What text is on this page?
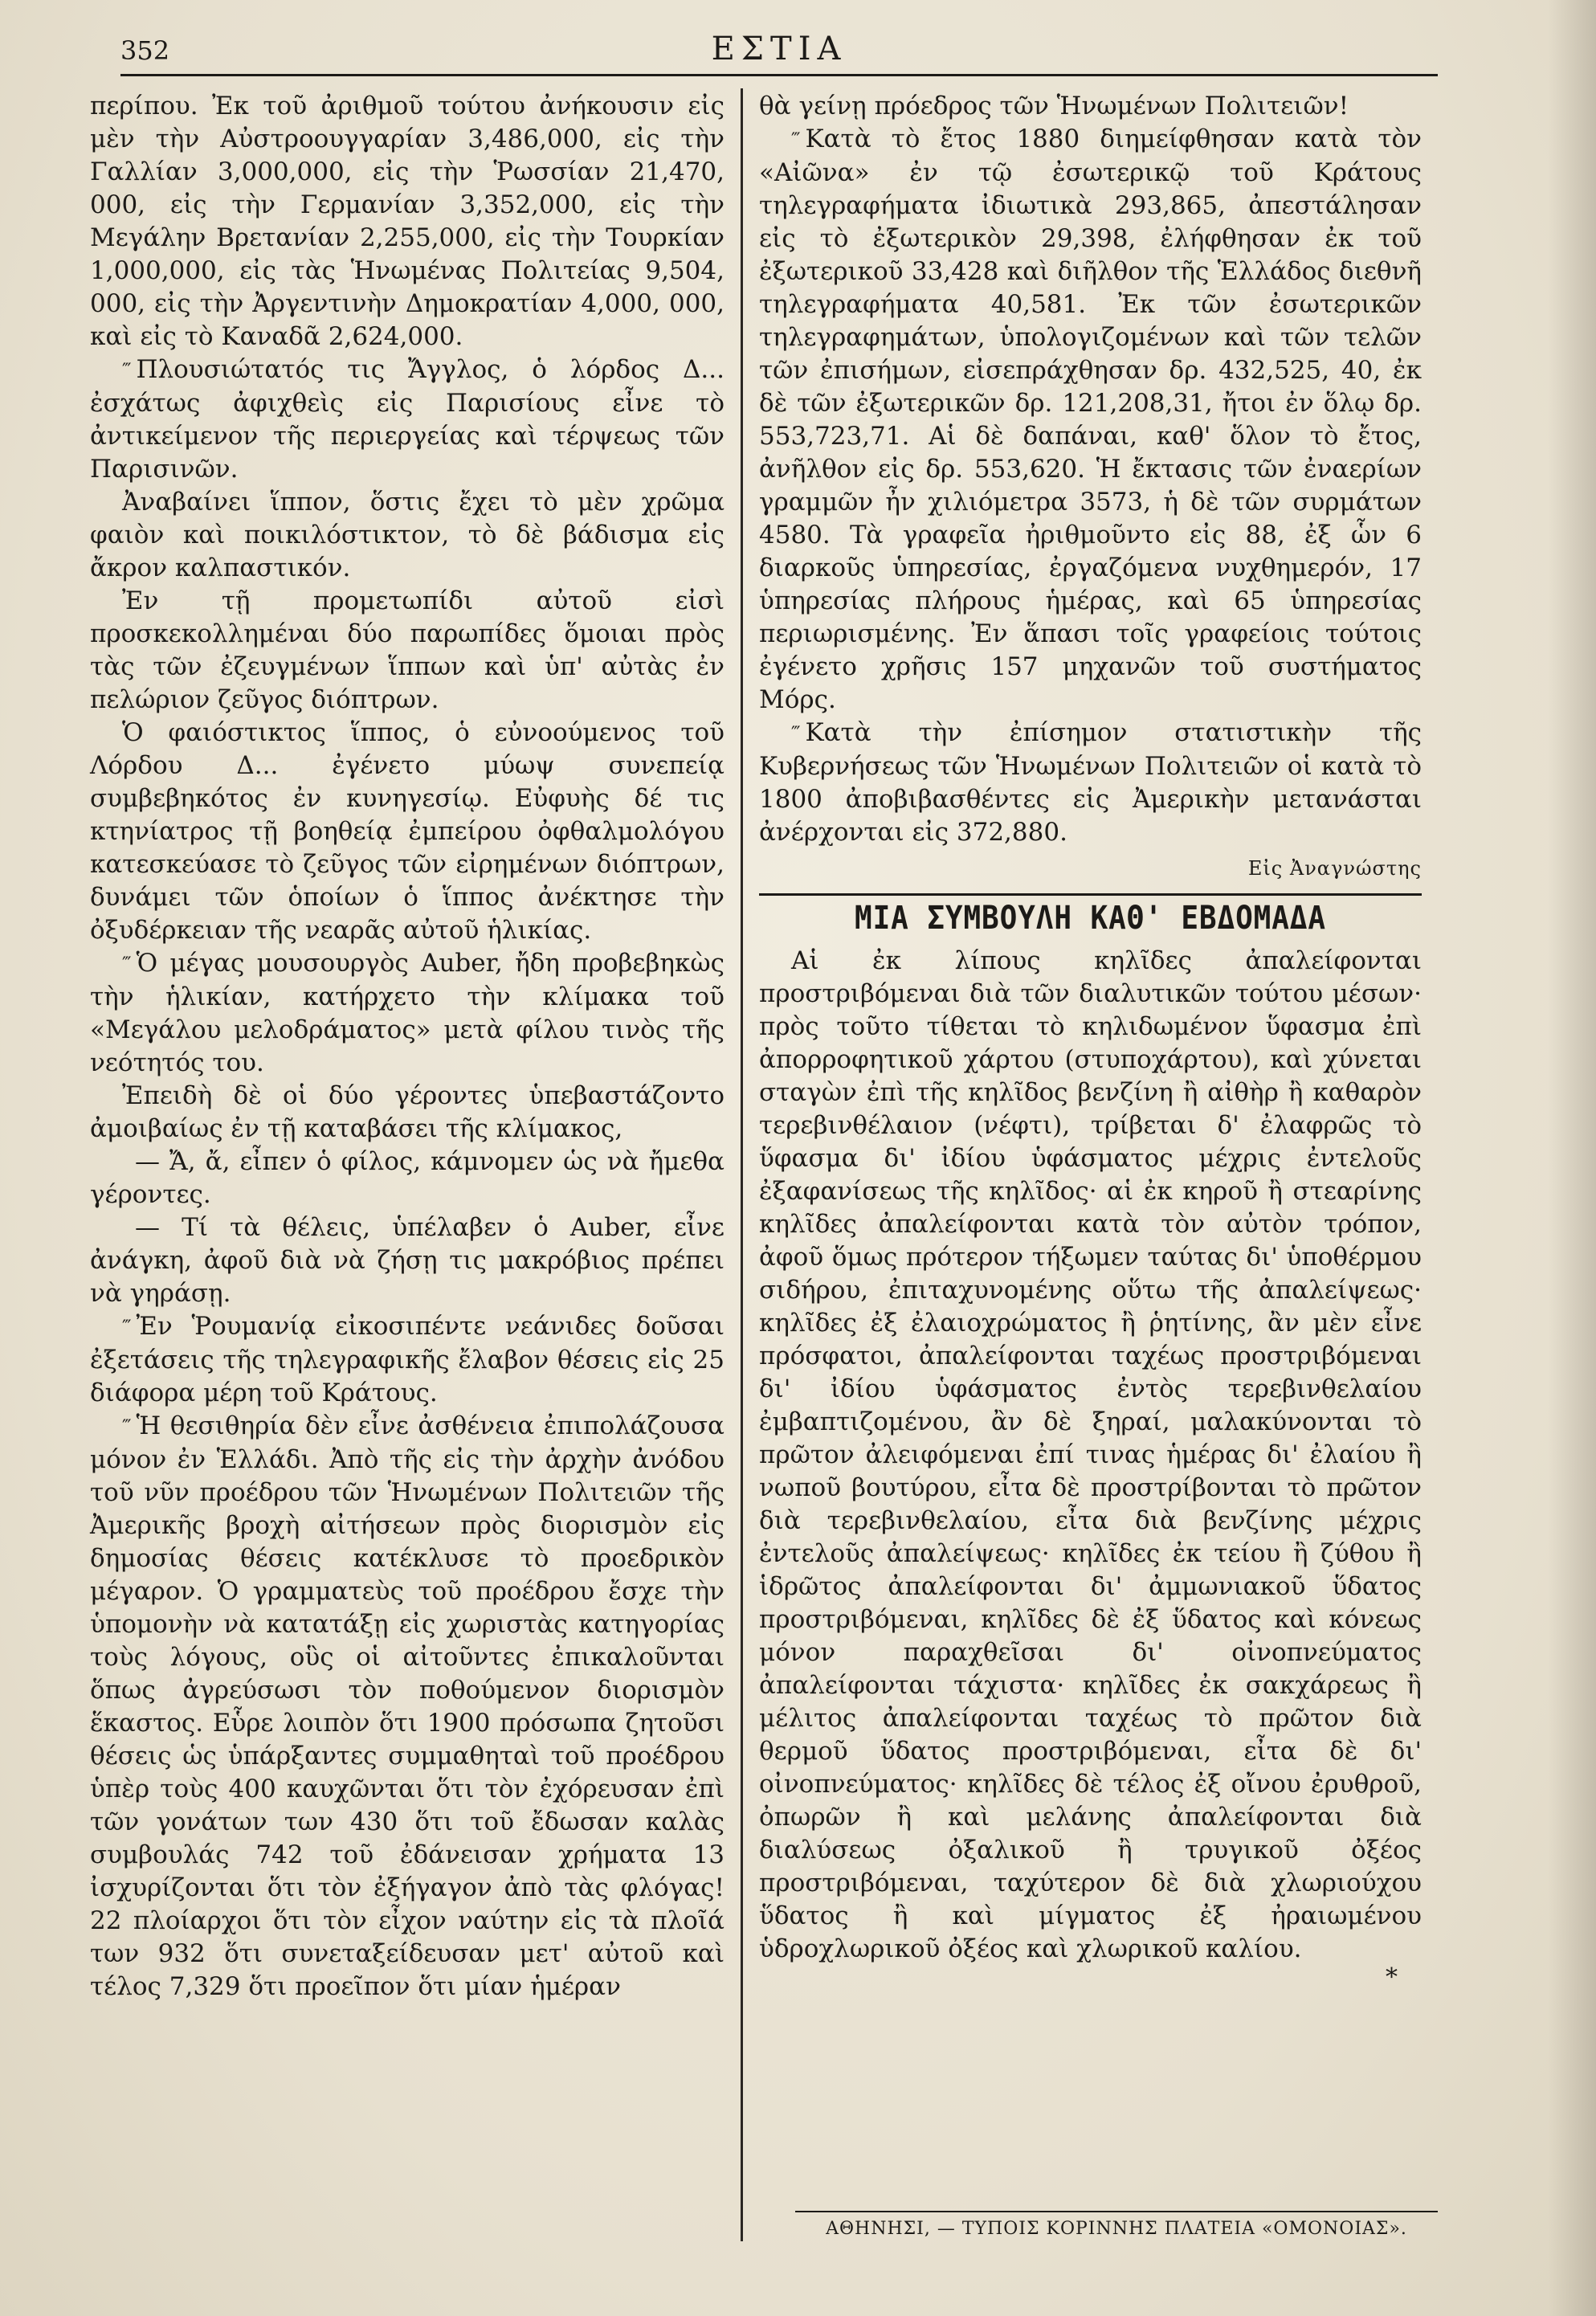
352	ΕΣΤΙΑ

περίπου. Ἐκ τοῦ ἀριθμοῦ τούτου ἀνήκουσιν εἰς μὲν τὴν Αὐστροουγγαρίαν 3,486,000, εἰς τὴν Γαλλίαν 3,000,000, εἰς τὴν Ῥωσσίαν 21,470, 000, εἰς τὴν Γερμανίαν 3,352,000, εἰς τὴν Μεγάλην Βρετανίαν 2,255,000, εἰς τὴν Τουρκίαν 1,000,000, εἰς τὰς Ἡνωμένας Πολιτείας 9,504, 000, εἰς τὴν Ἀργεντινὴν Δημοκρατίαν 4,000, 000, καὶ εἰς τὸ Καναδᾶ 2,624,000.

‴ Πλουσιώτατός τις Ἄγγλος, ὁ λόρδος Δ... ἐσχάτως ἀφιχθεὶς εἰς Παρισίους εἶνε τὸ ἀντικείμενον τῆς περιεργείας καὶ τέρψεως τῶν Παρισινῶν.

Ἀναβαίνει ἵππον, ὅστις ἔχει τὸ μὲν χρῶμα φαιὸν καὶ ποικιλόστικτον, τὸ δὲ βάδισμα εἰς ἄκρον καλπαστικόν.

Ἐν τῇ προμετωπίδι αὐτοῦ εἰσὶ προσκεκολλημέναι δύο παρωπίδες ὅμοιαι πρὸς τὰς τῶν ἐζευγμένων ἵππων καὶ ὑπ' αὐτὰς ἐν πελώριον ζεῦγος διόπτρων.

Ὁ φαιόστικτος ἵππος, ὁ εὐνοούμενος τοῦ Λόρδου Δ... ἐγένετο μύωψ συνεπείᾳ συμβεβηκότος ἐν κυνηγεσίῳ. Εὐφυὴς δέ τις κτηνίατρος τῇ βοηθείᾳ ἐμπείρου ὀφθαλμολόγου κατεσκεύασε τὸ ζεῦγος τῶν εἰρημένων διόπτρων, δυνάμει τῶν ὁποίων ὁ ἵππος ἀνέκτησε τὴν ὀξυδέρκειαν τῆς νεαρᾶς αὐτοῦ ἡλικίας.

‴ Ὁ μέγας μουσουργὸς Auber, ἤδη προβεβηκὼς τὴν ἡλικίαν, κατήρχετο τὴν κλίμακα τοῦ «Μεγάλου μελοδράματος» μετὰ φίλου τινὸς τῆς νεότητός του.

Ἐπειδὴ δὲ οἱ δύο γέροντες ὑπεβαστάζοντο ἀμοιβαίως ἐν τῇ καταβάσει τῆς κλίμακος,

— Ἄ, ἄ, εἶπεν ὁ φίλος, κάμνομεν ὡς νὰ ἤμεθα γέροντες.

— Τί τὰ θέλεις, ὑπέλαβεν ὁ Auber, εἶνε ἀνάγκη, ἀφοῦ διὰ νὰ ζήσῃ τις μακρόβιος πρέπει νὰ γηράσῃ.

‴ Ἐν Ῥουμανίᾳ εἰκοσιπέντε νεάνιδες δοῦσαι ἐξετάσεις τῆς τηλεγραφικῆς ἔλαβον θέσεις εἰς 25 διάφορα μέρη τοῦ Κράτους.

‴ Ἡ θεσιθηρία δὲν εἶνε ἀσθένεια ἐπιπολάζουσα μόνον ἐν Ἑλλάδι. Ἀπὸ τῆς εἰς τὴν ἀρχὴν ἀνόδου τοῦ νῦν προέδρου τῶν Ἡνωμένων Πολιτειῶν τῆς Ἀμερικῆς βροχὴ αἰτήσεων πρὸς διορισμὸν εἰς δημοσίας θέσεις κατέκλυσε τὸ προεδρικὸν μέγαρον. Ὁ γραμματεὺς τοῦ προέδρου ἔσχε τὴν ὑπομονὴν νὰ κατατάξῃ εἰς χωριστὰς κατηγορίας τοὺς λόγους, οὓς οἱ αἰτοῦντες ἐπικαλοῦνται ὅπως ἀγρεύσωσι τὸν ποθούμενον διορισμὸν ἕκαστος. Εὗρε λοιπὸν ὅτι 1900 πρόσωπα ζητοῦσι θέσεις ὡς ὑπάρξαντες συμμαθηταὶ τοῦ προέδρου ὑπὲρ τοὺς 400 καυχῶνται ὅτι τὸν ἐχόρευσαν ἐπὶ τῶν γονάτων των 430 ὅτι τοῦ ἔδωσαν καλὰς συμβουλάς 742 τοῦ ἐδάνεισαν χρήματα 13 ἰσχυρίζονται ὅτι τὸν ἐξήγαγον ἀπὸ τὰς φλόγας! 22 πλοίαρχοι ὅτι τὸν εἶχον ναύτην εἰς τὰ πλοῖά των 932 ὅτι συνεταξείδευσαν μετ' αὐτοῦ καὶ τέλος 7,329 ὅτι προεῖπον ὅτι μίαν ἡμέραν

θὰ γείνῃ πρόεδρος τῶν Ἡνωμένων Πολιτειῶν!

‴ Κατὰ τὸ ἔτος 1880 διημείφθησαν κατὰ τὸν «Αἰῶνα» ἐν τῷ ἐσωτερικῷ τοῦ Κράτους τηλεγραφήματα ἰδιωτικὰ 293,865, ἀπεστάλησαν εἰς τὸ ἐξωτερικὸν 29,398, ἐλήφθησαν ἐκ τοῦ ἐξωτερικοῦ 33,428 καὶ διῆλθον τῆς Ἑλλάδος διεθνῆ τηλεγραφήματα 40,581. Ἐκ τῶν ἐσωτερικῶν τηλεγραφημάτων, ὑπολογιζομένων καὶ τῶν τελῶν τῶν ἐπισήμων, εἰσεπράχθησαν δρ. 432,525, 40, ἐκ δὲ τῶν ἐξωτερικῶν δρ. 121,208,31, ἤτοι ἐν ὅλῳ δρ. 553,723,71. Αἱ δὲ δαπάναι, καθ' ὅλον τὸ ἔτος, ἀνῆλθον εἰς δρ. 553,620. Ἡ ἔκτασις τῶν ἐναερίων γραμμῶν ἦν χιλιόμετρα 3573, ἡ δὲ τῶν συρμάτων 4580. Τὰ γραφεῖα ἠριθμοῦντο εἰς 88, ἐξ ὧν 6 διαρκοῦς ὑπηρεσίας, ἐργαζόμενα νυχθημερόν, 17 ὑπηρεσίας πλήρους ἡμέρας, καὶ 65 ὑπηρεσίας περιωρισμένης. Ἐν ἅπασι τοῖς γραφείοις τούτοις ἐγένετο χρῆσις 157 μηχανῶν τοῦ συστήματος Μόρς.

‴ Κατὰ τὴν ἐπίσημον στατιστικὴν τῆς Κυβερνήσεως τῶν Ἡνωμένων Πολιτειῶν οἱ κατὰ τὸ 1800 ἀποβιβασθέντες εἰς Ἀμερικὴν μετανάσται ἀνέρχονται εἰς 372,880.

Εἰς Ἀναγνώστης
ΜΙΑ ΣΥΜΒΟΥΛΗ ΚΑΘ' ΕΒΔΟΜΑΔΑ

Αἱ ἐκ λίπους κηλῖδες ἀπαλείφονται προστριβόμεναι διὰ τῶν διαλυτικῶν τούτου μέσων· πρὸς τοῦτο τίθεται τὸ κηλιδωμένον ὕφασμα ἐπὶ ἀπορροφητικοῦ χάρτου (στυποχάρτου), καὶ χύνεται σταγὼν ἐπὶ τῆς κηλῖδος βενζίνη ἢ αἰθὴρ ἢ καθαρὸν τερεβινθέλαιον (νέφτι), τρίβεται δ' ἐλαφρῶς τὸ ὕφασμα δι' ἰδίου ὑφάσματος μέχρις ἐντελοῦς ἐξαφανίσεως τῆς κηλῖδος· αἱ ἐκ κηροῦ ἢ στεαρίνης κηλῖδες ἀπαλείφονται κατὰ τὸν αὐτὸν τρόπον, ἀφοῦ ὅμως πρότερον τήξωμεν ταύτας δι' ὑποθέρμου σιδήρου, ἐπιταχυνομένης οὕτω τῆς ἀπαλείψεως· κηλῖδες ἐξ ἐλαιοχρώματος ἢ ῥητίνης, ἂν μὲν εἶνε πρόσφατοι, ἀπαλείφονται ταχέως προστριβόμεναι δι' ἰδίου ὑφάσματος ἐντὸς τερεβινθελαίου ἐμβαπτιζομένου, ἂν δὲ ξηραί, μαλακύνονται τὸ πρῶτον ἀλειφόμεναι ἐπί τινας ἡμέρας δι' ἐλαίου ἢ νωποῦ βουτύρου, εἶτα δὲ προστρίβονται τὸ πρῶτον διὰ τερεβινθελαίου, εἶτα διὰ βενζίνης μέχρις ἐντελοῦς ἀπαλείψεως· κηλῖδες ἐκ τείου ἢ ζύθου ἢ ἱδρῶτος ἀπαλείφονται δι' ἀμμωνιακοῦ ὕδατος προστριβόμεναι, κηλῖδες δὲ ἐξ ὕδατος καὶ κόνεως μόνον παραχθεῖσαι δι' οἰνοπνεύματος ἀπαλείφονται τάχιστα· κηλῖδες ἐκ σακχάρεως ἢ μέλιτος ἀπαλείφονται ταχέως τὸ πρῶτον διὰ θερμοῦ ὕδατος προστριβόμεναι, εἶτα δὲ δι' οἰνοπνεύματος· κηλῖδες δὲ τέλος ἐξ οἴνου ἐρυθροῦ, ὀπωρῶν ἢ καὶ μελάνης ἀπαλείφονται διὰ διαλύσεως ὀξαλικοῦ ἢ τρυγικοῦ ὀξέος προστριβόμεναι, ταχύτερον δὲ διὰ χλωριούχου ὕδατος ἢ καὶ μίγματος ἐξ ἠραιωμένου ὑδροχλωρικοῦ ὀξέος καὶ χλωρικοῦ καλίου.

*
ΑΘΗΝΗΣΙ, — ΤΥΠΟΙΣ ΚΟΡΙΝΝΗΣ ΠΛΑΤΕΙΑ «ΟΜΟΝΟΙΑΣ».
